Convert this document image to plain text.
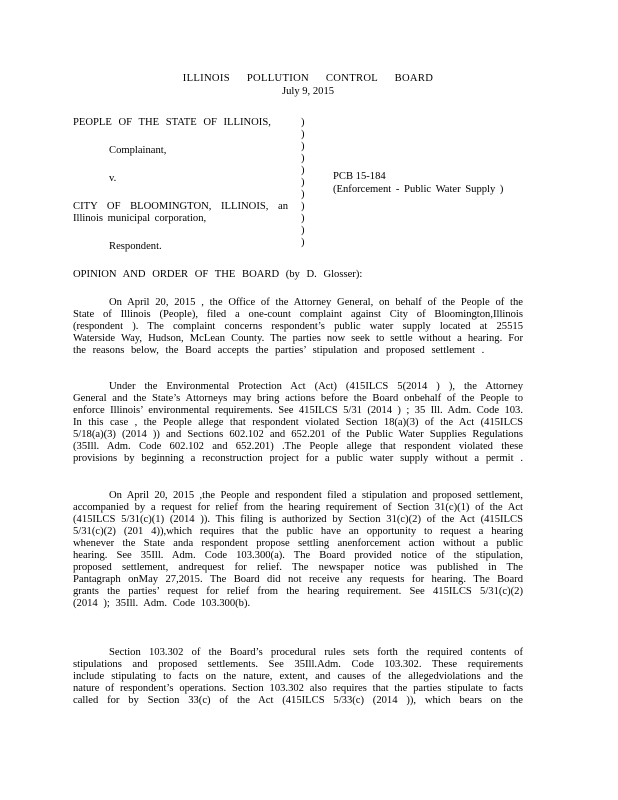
ILLINOIS POLLUTION CONTROL BOARD

July 9, 2015

PEOPLE OF THE STATE OF ILLINOIS,

Complainant,

v.

CITY OF BLOOMINGTON, ILLINOIS, an

Illinois municipal corporation,

Respondent.

)
)
)
)
)
)
)
)
)
)
)
PCB 15-184
(Enforcement - Public Water Supply )

OPINION AND ORDER OF THE BOARD (by D. Glosser):

On April 20, 2015 , the Office of the Attorney General, on behalf of the People of the

State of Illinois (People), filed a one-count complaint against City of Bloomington,Illinois

(respondent ). The complaint concerns respondent’s public water supply located at 25515

Waterside Way, Hudson, McLean County. The parties now seek to settle without a hearing. For

the reasons below, the Board accepts the parties’ stipulation and proposed settlement .

Under the Environmental Protection Act (Act) (415ILCS 5(2014 ) ), the Attorney

General and the State’s Attorneys may bring actions before the Board onbehalf of the People to

enforce Illinois’ environmental requirements. See 415ILCS 5/31 (2014 ) ; 35 Ill. Adm. Code 103.

In this case , the People allege that respondent violated Section 18(a)(3) of the Act (415ILCS

5/18(a)(3) (2014 )) and Sections 602.102 and 652.201 of the Public Water Supplies Regulations

(35Ill. Adm. Code 602.102 and 652.201) .The People allege that respondent violated these

provisions by beginning a reconstruction project for a public water supply without a permit .

On April 20, 2015 ,the People and respondent filed a stipulation and proposed settlement,

accompanied by a request for relief from the hearing requirement of Section 31(c)(1) of the Act

(415ILCS 5/31(c)(1) (2014 )). This filing is authorized by Section 31(c)(2) of the Act (415ILCS

5/31(c)(2) (201 4)),which requires that the public have an opportunity to request a hearing

whenever the State anda respondent propose settling anenforcement action without a public

hearing. See 35Ill. Adm. Code 103.300(a). The Board provided notice of the stipulation,

proposed settlement, andrequest for relief. The newspaper notice was published in The

Pantagraph onMay 27,2015. The Board did not receive any requests for hearing. The Board

grants the parties’ request for relief from the hearing requirement. See 415ILCS 5/31(c)(2)

(2014 ); 35Ill. Adm. Code 103.300(b).

Section 103.302 of the Board’s procedural rules sets forth the required contents of

stipulations and proposed settlements. See 35Ill.Adm. Code 103.302. These requirements

include stipulating to facts on the nature, extent, and causes of the allegedviolations and the

nature of respondent’s operations. Section 103.302 also requires that the parties stipulate to facts

called for by Section 33(c) of the Act (415ILCS 5/33(c) (2014 )), which bears on the
